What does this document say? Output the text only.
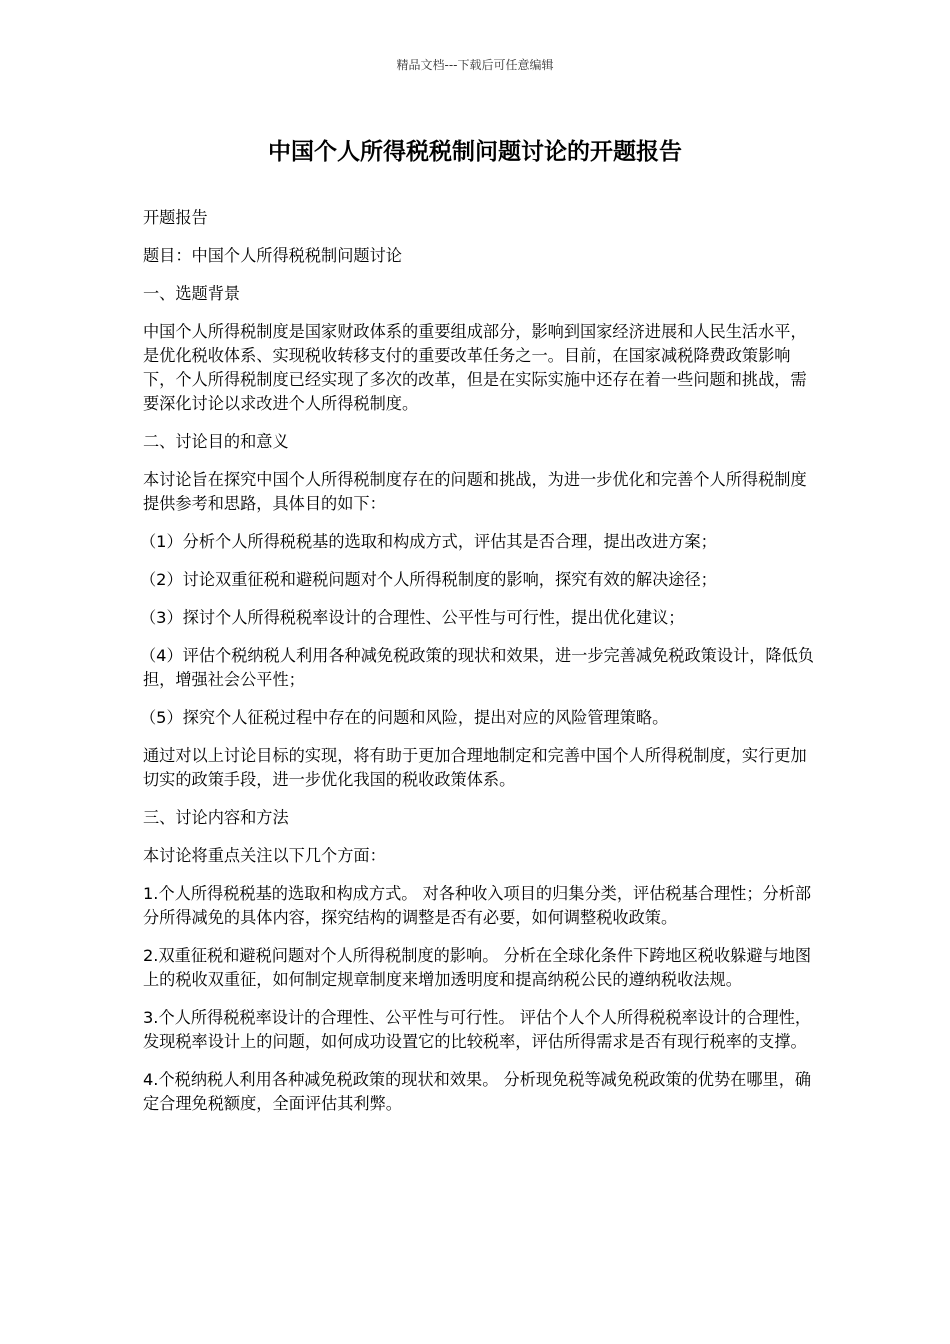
精品文档---下载后可任意编辑
中国个人所得税税制问题讨论的开题报告

开题报告

题目：中国个人所得税税制问题讨论

一、选题背景

中国个人所得税制度是国家财政体系的重要组成部分，影响到国家经济进展和人民生活水平，是优化税收体系、实现税收转移支付的重要改革任务之一。目前，在国家减税降费政策影响下，个人所得税制度已经实现了多次的改革，但是在实际实施中还存在着一些问题和挑战，需要深化讨论以求改进个人所得税制度。

二、讨论目的和意义

本讨论旨在探究中国个人所得税制度存在的问题和挑战，为进一步优化和完善个人所得税制度提供参考和思路，具体目的如下：

（1）分析个人所得税税基的选取和构成方式，评估其是否合理，提出改进方案；

（2）讨论双重征税和避税问题对个人所得税制度的影响，探究有效的解决途径；

（3）探讨个人所得税税率设计的合理性、公平性与可行性，提出优化建议；

（4）评估个税纳税人利用各种减免税政策的现状和效果，进一步完善减免税政策设计，降低负担，增强社会公平性；

（5）探究个人征税过程中存在的问题和风险，提出对应的风险管理策略。

通过对以上讨论目标的实现，将有助于更加合理地制定和完善中国个人所得税制度，实行更加切实的政策手段，进一步优化我国的税收政策体系。

三、讨论内容和方法

本讨论将重点关注以下几个方面：

1.个人所得税税基的选取和构成方式。 对各种收入项目的归集分类，评估税基合理性；分析部分所得减免的具体内容，探究结构的调整是否有必要，如何调整税收政策。

2.双重征税和避税问题对个人所得税制度的影响。 分析在全球化条件下跨地区税收躲避与地图上的税收双重征，如何制定规章制度来增加透明度和提高纳税公民的遵纳税收法规。

3.个人所得税税率设计的合理性、公平性与可行性。 评估个人个人所得税税率设计的合理性，发现税率设计上的问题，如何成功设置它的比较税率，评估所得需求是否有现行税率的支撑。

4.个税纳税人利用各种减免税政策的现状和效果。 分析现免税等减免税政策的优势在哪里，确定合理免税额度，全面评估其利弊。
